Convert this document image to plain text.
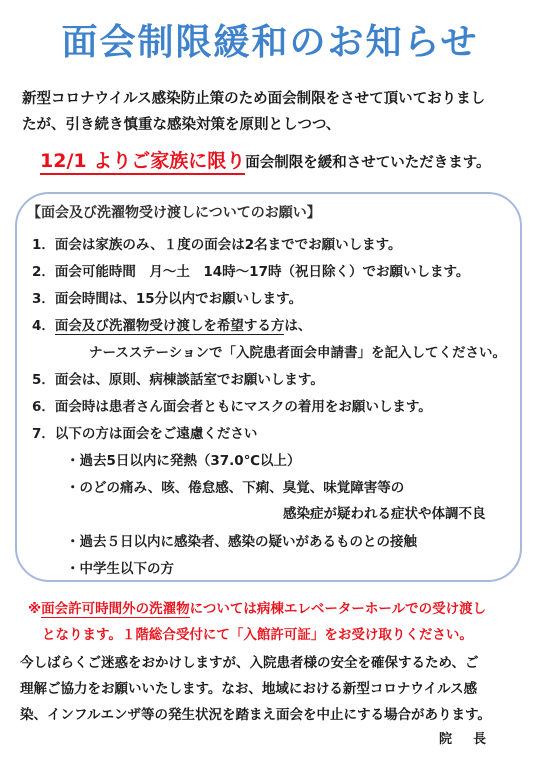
面会制限緩和のお知らせ
新型コロナウイルス感染防止策のため面会制限をさせて頂いておりまし
たが、引き続き慎重な感染対策を原則としつつ、
12/1 よりご家族に限り面会制限を緩和させていただきます。
【面会及び洗濯物受け渡しについてのお願い】
1．面会は家族のみ、１度の面会は2名まででお願いします。
2．面会可能時間　月～土　14時～17時（祝日除く）でお願いします。
3．面会時間は、15分以内でお願いします。
4．面会及び洗濯物受け渡しを希望する方は、
ナースステーションで「入院患者面会申請書」を記入してください。
5．面会は、原則、病棟談話室でお願いします。
6．面会時は患者さん面会者ともにマスクの着用をお願いします。
7．以下の方は面会をご遠慮ください
・過去5日以内に発熱（37.0℃以上）
・のどの痛み、咳、倦怠感、下痢、臭覚、味覚障害等の
感染症が疑われる症状や体調不良
・過去５日以内に感染者、感染の疑いがあるものとの接触
・中学生以下の方
※面会許可時間外の洗濯物については病棟エレベーターホールでの受け渡し
となります。１階総合受付にて「入館許可証」をお受け取りください。
今しばらくご迷惑をおかけしますが、入院患者様の安全を確保するため、ご
理解ご協力をお願いいたします。なお、地域における新型コロナウイルス感
染、インフルエンザ等の発生状況を踏まえ面会を中止にする場合があります。
院　長
